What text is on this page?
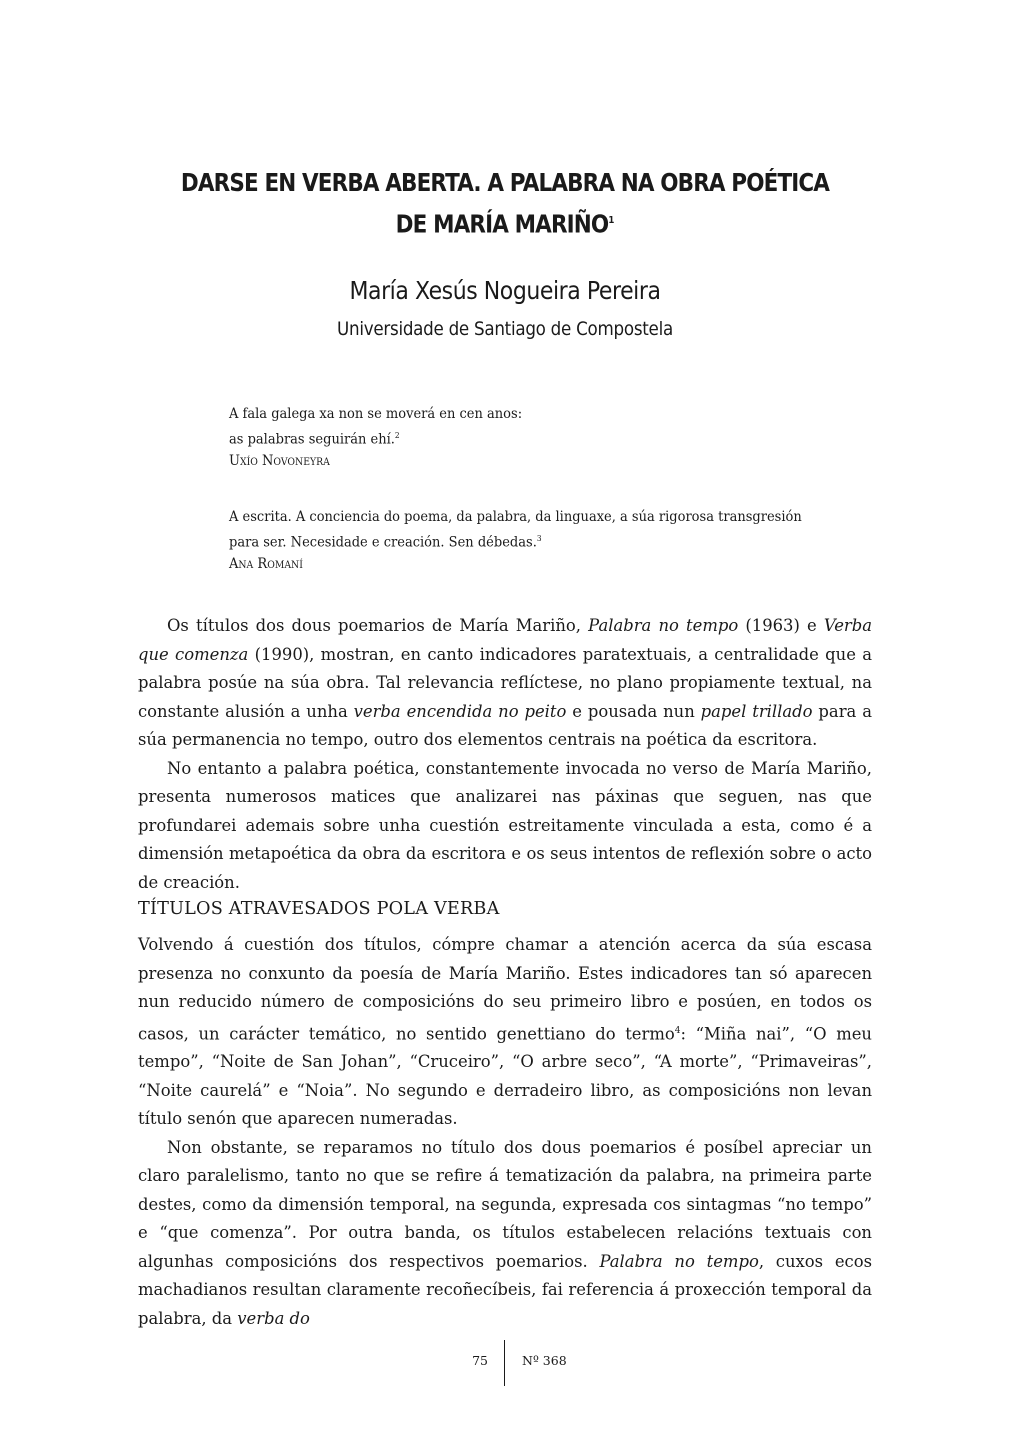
DARSE EN VERBA ABERTA. A PALABRA NA OBRA POÉTICA
DE MARÍA MARIÑO$^1$
María Xesús Nogueira Pereira
Universidade de Santiago de Compostela

A fala galega xa non se moverá en cen anos:

as palabras seguirán ehí.$^2$

Uxío Novoneyra

A escrita. A conciencia do poema, da palabra, da linguaxe, a súa rigorosa transgresión

para ser. Necesidade e creación. Sen débedas.$^3$

Ana Romaní

Os títulos dos dous poemarios de María Mariño, Palabra no tempo (1963) e Verba que comenza (1990), mostran, en canto indicadores paratextuais, a centralidade que a palabra posúe na súa obra. Tal relevancia reflíctese, no plano propiamente textual, na constante alusión a unha verba encendida no peito e pousada nun papel trillado para a súa permanencia no tempo, outro dos elementos centrais na poética da escritora.

No entanto a palabra poética, constantemente invocada no verso de María Mariño, presenta numerosos matices que analizarei nas páxinas que seguen, nas que profundarei ademais sobre unha cuestión estreitamente vinculada a esta, como é a dimensión metapoética da obra da escritora e os seus intentos de reflexión sobre o acto de creación.

TÍTULOS ATRAVESADOS POLA VERBA

Volvendo á cuestión dos títulos, cómpre chamar a atención acerca da súa escasa presenza no conxunto da poesía de María Mariño. Estes indicadores tan só aparecen nun reducido número de composicións do seu primeiro libro e posúen, en todos os casos, un carácter temático, no sentido genettiano do termo$^4$: “Miña nai”, “O meu tempo”, “Noite de San Johan”, “Cruceiro”, “O arbre seco”, “A morte”, “Primaveiras”, “Noite caurelá” e “Noia”. No segundo e derradeiro libro, as composicións non levan título senón que aparecen numeradas.

Non obstante, se reparamos no título dos dous poemarios é posíbel apreciar un claro paralelismo, tanto no que se refire á tematización da palabra, na primeira parte destes, como da dimensión temporal, na segunda, expresada cos sintagmas “no tempo” e “que comenza”. Por outra banda, os títulos estabelecen relacións textuais con algunhas composicións dos respectivos poemarios. Palabra no tempo, cuxos ecos machadianos resultan claramente recoñecíbeis, fai referencia á proxección temporal da palabra, da verba do

75	Nº 368
